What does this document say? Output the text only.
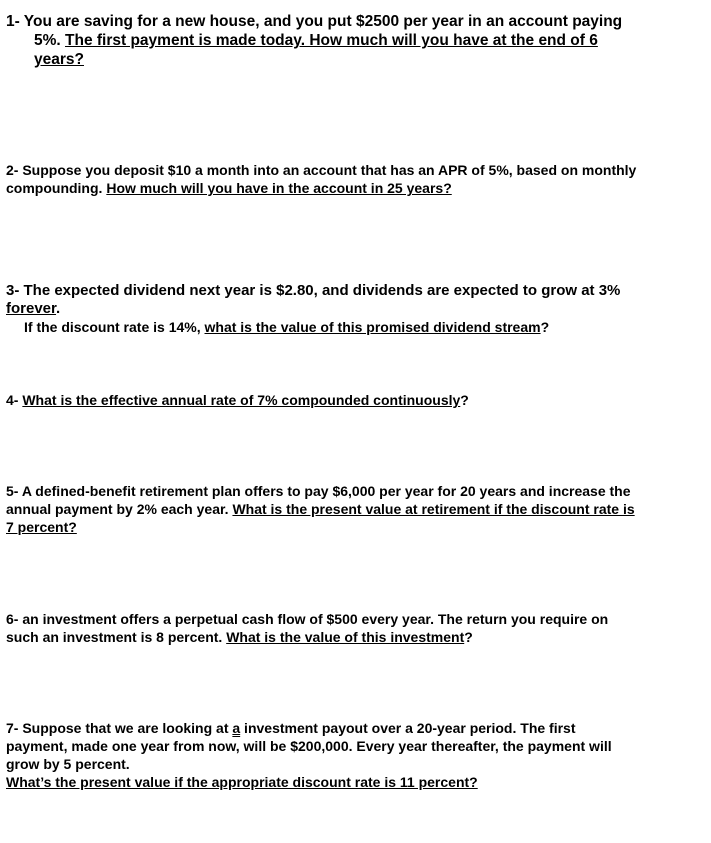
1- You are saving for a new house, and you put $2500 per year in an account paying
5%. The first payment is made today. How much will you have at the end of 6
years?
2- Suppose you deposit $10 a month into an account that has an APR of 5%, based on monthly
compounding. How much will you have in the account in 25 years?
3- The expected dividend next year is $2.80, and dividends are expected to grow at 3%
forever.
If the discount rate is 14%, what is the value of this promised dividend stream?
4- What is the effective annual rate of 7% compounded continuously?
5- A defined-benefit retirement plan offers to pay $6,000 per year for 20 years and increase the
annual payment by 2% each year. What is the present value at retirement if the discount rate is
7 percent?
6- an investment offers a perpetual cash flow of $500 every year. The return you require on
such an investment is 8 percent. What is the value of this investment?
7- Suppose that we are looking at a investment payout over a 20-year period. The first
payment, made one year from now, will be $200,000. Every year thereafter, the payment will
grow by 5 percent.
What’s the present value if the appropriate discount rate is 11 percent?
